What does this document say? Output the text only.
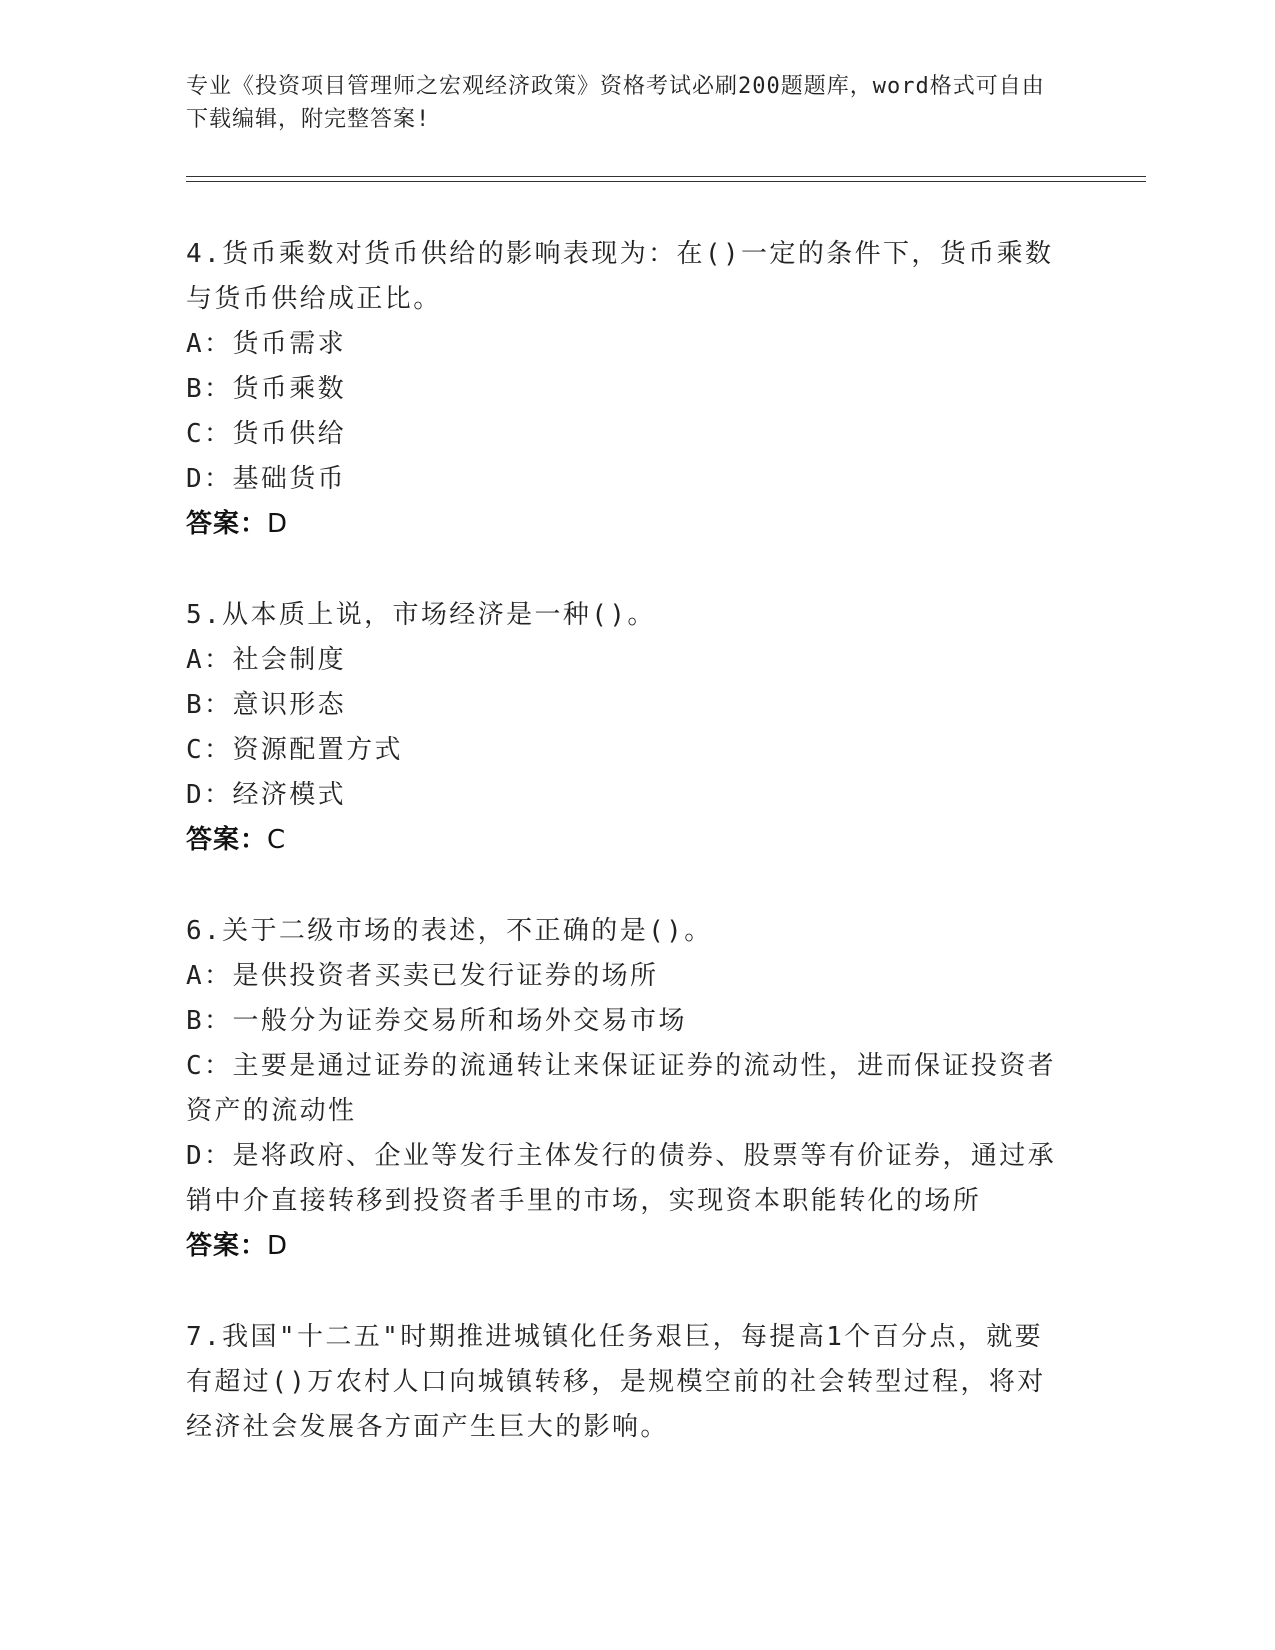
专业《投资项目管理师之宏观经济政策》资格考试必刷200题题库，word格式可自由下载编辑，附完整答案!

4.货币乘数对货币供给的影响表现为：在()一定的条件下，货币乘数与货币供给成正比。

A：货币需求

B：货币乘数

C：货币供给

D：基础货币

答案：D

5.从本质上说，市场经济是一种()。

A：社会制度

B：意识形态

C：资源配置方式

D：经济模式

答案：C

6.关于二级市场的表述，不正确的是()。

A：是供投资者买卖已发行证券的场所

B：一般分为证券交易所和场外交易市场

C：主要是通过证券的流通转让来保证证券的流动性，进而保证投资者资产的流动性

D：是将政府、企业等发行主体发行的债券、股票等有价证券，通过承销中介直接转移到投资者手里的市场，实现资本职能转化的场所

答案：D

7.我国"十二五"时期推进城镇化任务艰巨，每提高1个百分点，就要有超过()万农村人口向城镇转移，是规模空前的社会转型过程，将对经济社会发展各方面产生巨大的影响。
